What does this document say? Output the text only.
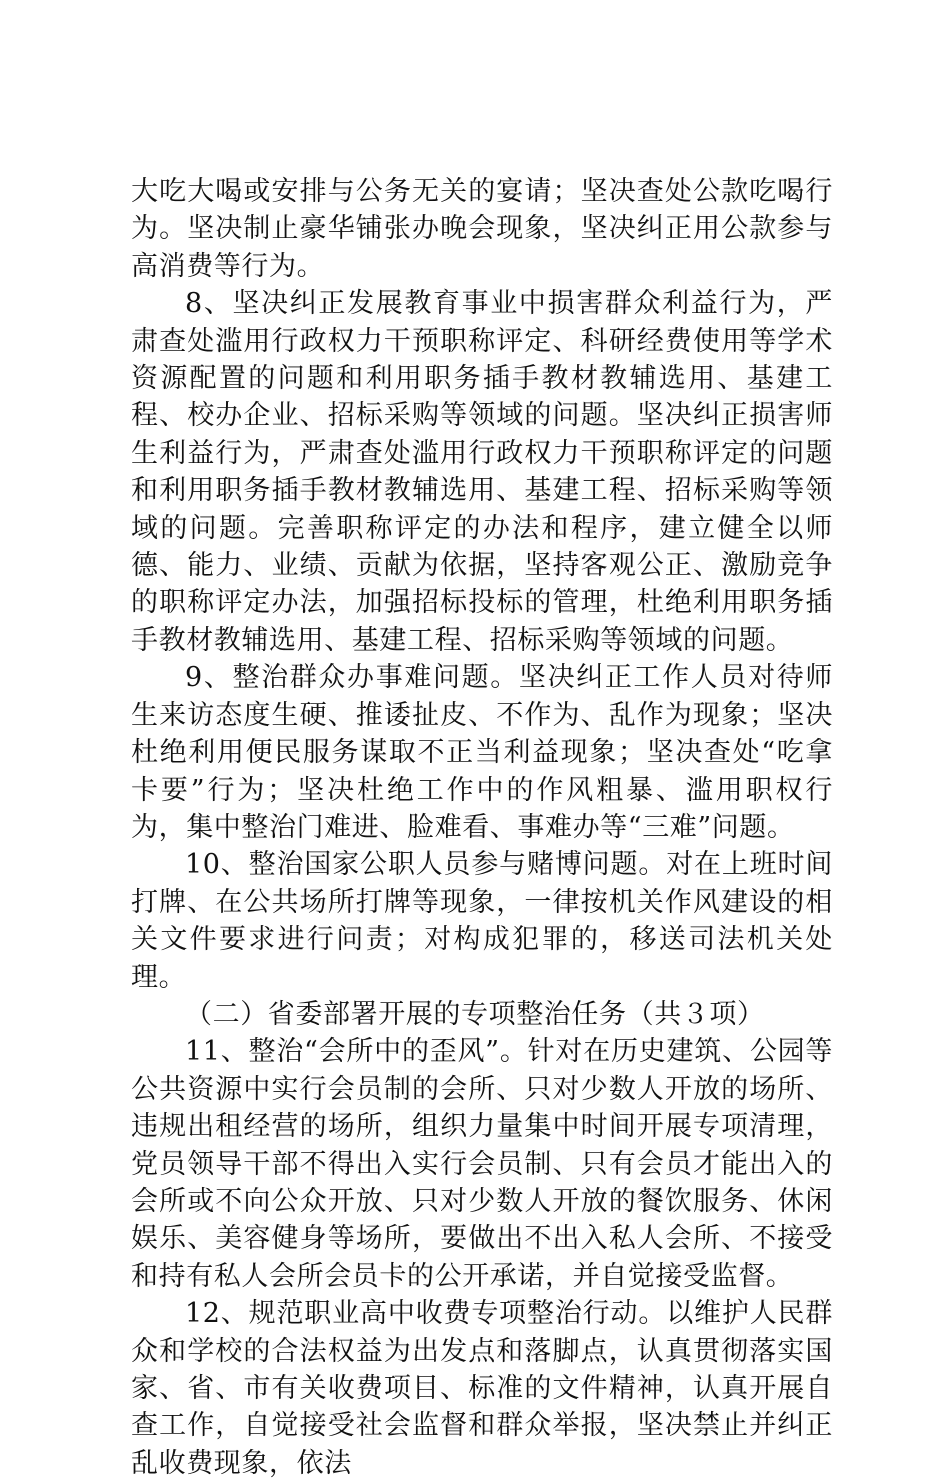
大吃大喝或安排与公务无关的宴请；坚决查处公款吃喝行为。坚决制止豪华铺张办晚会现象，坚决纠正用公款参与高消费等行为。

8、坚决纠正发展教育事业中损害群众利益行为，严肃查处滥用行政权力干预职称评定、科研经费使用等学术资源配置的问题和利用职务插手教材教辅选用、基建工程、校办企业、招标采购等领域的问题。坚决纠正损害师生利益行为，严肃查处滥用行政权力干预职称评定的问题和利用职务插手教材教辅选用、基建工程、招标采购等领域的问题。完善职称评定的办法和程序，建立健全以师德、能力、业绩、贡献为依据，坚持客观公正、激励竞争的职称评定办法，加强招标投标的管理，杜绝利用职务插手教材教辅选用、基建工程、招标采购等领域的问题。

9、整治群众办事难问题。坚决纠正工作人员对待师生来访态度生硬、推诿扯皮、不作为、乱作为现象；坚决杜绝利用便民服务谋取不正当利益现象；坚决查处“吃拿卡要”行为；坚决杜绝工作中的作风粗暴、滥用职权行为，集中整治门难进、脸难看、事难办等“三难”问题。

10、整治国家公职人员参与赌博问题。对在上班时间打牌、在公共场所打牌等现象，一律按机关作风建设的相关文件要求进行问责；对构成犯罪的，移送司法机关处理。

（二）省委部署开展的专项整治任务（共３项）

11、整治“会所中的歪风”。针对在历史建筑、公园等公共资源中实行会员制的会所、只对少数人开放的场所、违规出租经营的场所，组织力量集中时间开展专项清理，党员领导干部不得出入实行会员制、只有会员才能出入的会所或不向公众开放、只对少数人开放的餐饮服务、休闲娱乐、美容健身等场所，要做出不出入私人会所、不接受和持有私人会所会员卡的公开承诺，并自觉接受监督。

12、规范职业高中收费专项整治行动。以维护人民群众和学校的合法权益为出发点和落脚点，认真贯彻落实国家、省、市有关收费项目、标准的文件精神，认真开展自查工作，自觉接受社会监督和群众举报，坚决禁止并纠正乱收费现象，依法
